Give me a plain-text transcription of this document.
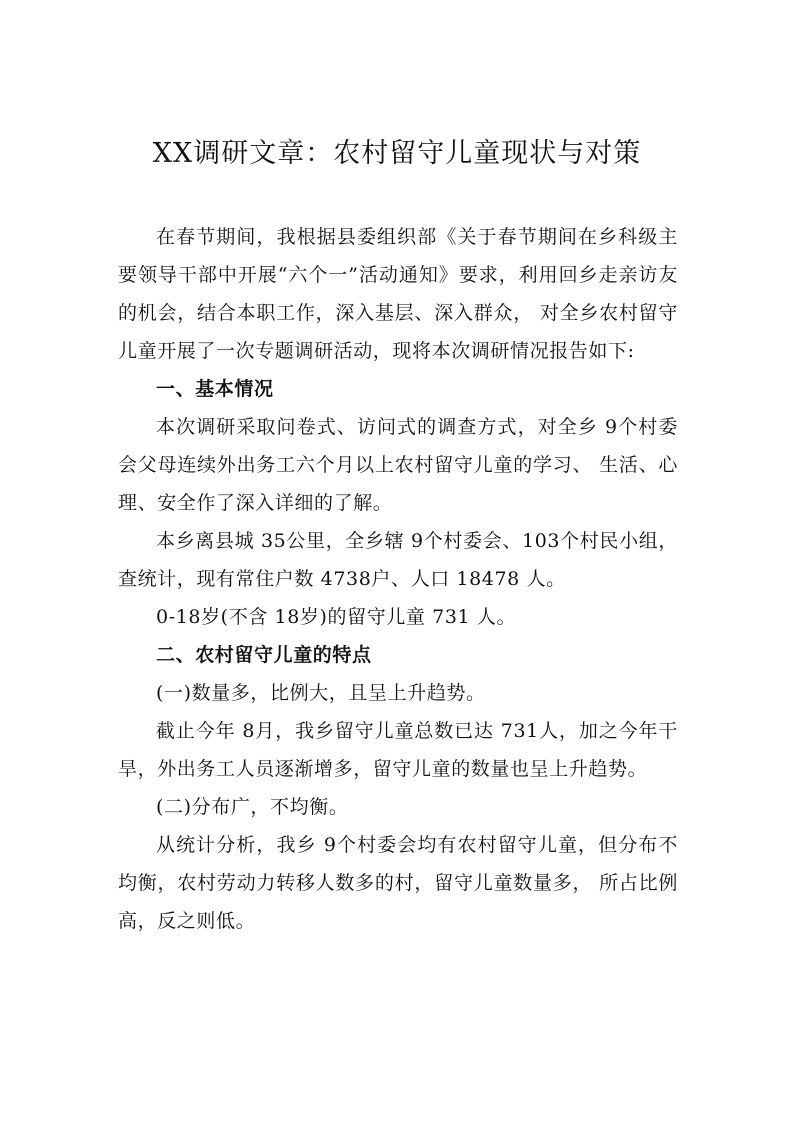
XX调研文章：农村留守儿童现状与对策

在春节期间，我根据县委组织部《关于春节期间在乡科级主要领导干部中开展“六个一”活动通知》要求，利用回乡走亲访友的机会，结合本职工作，深入基层、深入群众， 对全乡农村留守儿童开展了一次专题调研活动，现将本次调研情况报告如下:

一、基本情况

本次调研采取问卷式、访问式的调查方式，对全乡 9个村委会父母连续外出务工六个月以上农村留守儿童的学习、 生活、心理、安全作了深入详细的了解。

本乡离县城 35公里，全乡辖 9个村委会、103个村民小组，查统计，现有常住户数 4738户、人口 18478 人。

0-18岁(不含 18岁)的留守儿童 731 人。

二、农村留守儿童的特点

(一)数量多，比例大，且呈上升趋势。

截止今年 8月，我乡留守儿童总数已达 731人，加之今年干旱，外出务工人员逐渐增多，留守儿童的数量也呈上升趋势。

(二)分布广，不均衡。

从统计分析，我乡 9个村委会均有农村留守儿童，但分布不均衡，农村劳动力转移人数多的村，留守儿童数量多， 所占比例高，反之则低。
